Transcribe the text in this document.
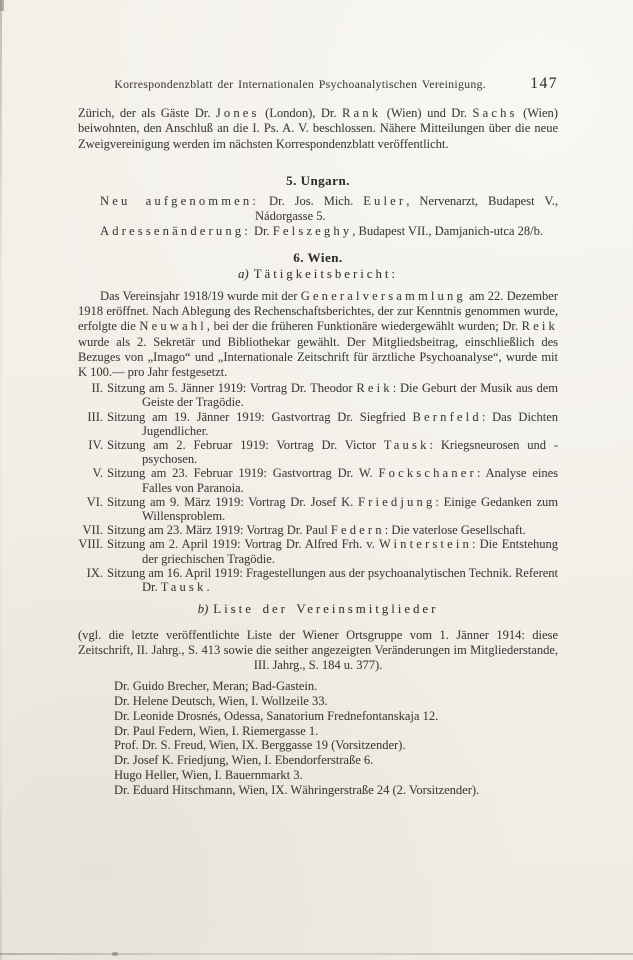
Korrespondenzblatt der Internationalen Psychoanalytischen Vereinigung.	147

Zürich, der als Gäste Dr. Jones (London), Dr. Rank (Wien) und Dr. Sachs (Wien) beiwohnten, den Anschluß an die I. Ps. A. V. beschlossen. Nähere Mitteilungen über die neue Zweigvereinigung werden im nächsten Korrespondenzblatt veröffentlicht.

5. Ungarn.
Neu aufgenommen: Dr. Jos. Mich. Euler, Nervenarzt, Budapest V., Nádorgasse 5.
Adressenänderung: Dr. Felszeghy, Budapest VII., Damjanich-utca 28/b.
6. Wien.
a) Tätigkeitsbericht:

Das Vereinsjahr 1918/19 wurde mit der Generalversammlung am 22. Dezember 1918 eröffnet. Nach Ablegung des Rechenschaftsberichtes, der zur Kenntnis genommen wurde, erfolgte die Neuwahl, bei der die früheren Funktionäre wiedergewählt wurden; Dr. Reik wurde als 2. Sekretär und Bibliothekar gewählt. Der Mitgliedsbeitrag, einschließlich des Bezuges von „Imago“ und „Internationale Zeitschrift für ärztliche Psychoanalyse“, wurde mit K 100.— pro Jahr festgesetzt.

II. Sitzung am 5. Jänner 1919: Vortrag Dr. Theodor Reik: Die Geburt der Musik aus dem Geiste der Tragödie.
III. Sitzung am 19. Jänner 1919: Gastvortrag Dr. Siegfried Bernfeld: Das Dichten Jugendlicher.
IV. Sitzung am 2. Februar 1919: Vortrag Dr. Victor Tausk: Kriegsneurosen und -psychosen.
V. Sitzung am 23. Februar 1919: Gastvortrag Dr. W. Fockschaner: Analyse eines Falles von Paranoia.
VI. Sitzung am 9. März 1919: Vortrag Dr. Josef K. Friedjung: Einige Gedanken zum Willensproblem.
VII. Sitzung am 23. März 1919: Vortrag Dr. Paul Federn: Die vaterlose Gesellschaft.
VIII. Sitzung am 2. April 1919: Vortrag Dr. Alfred Frh. v. Winterstein: Die Entstehung der griechischen Tragödie.
IX. Sitzung am 16. April 1919: Fragestellungen aus der psychoanalytischen Technik. Referent Dr. Tausk.
b) Liste der Vereinsmitglieder

(vgl. die letzte veröffentlichte Liste der Wiener Ortsgruppe vom 1. Jänner 1914: diese Zeitschrift, II. Jahrg., S. 413 sowie die seither angezeigten Veränderungen im Mitgliederstande, III. Jahrg., S. 184 u. 377).

Dr. Guido Brecher, Meran; Bad-Gastein.
Dr. Helene Deutsch, Wien, I. Wollzeile 33.
Dr. Leonide Drosnés, Odessa, Sanatorium Frednefontanskaja 12.
Dr. Paul Federn, Wien, I. Riemergasse 1.
Prof. Dr. S. Freud, Wien, IX. Berggasse 19 (Vorsitzender).
Dr. Josef K. Friedjung, Wien, I. Ebendorferstraße 6.
Hugo Heller, Wien, I. Bauernmarkt 3.
Dr. Eduard Hitschmann, Wien, IX. Währingerstraße 24 (2. Vorsitzender).
